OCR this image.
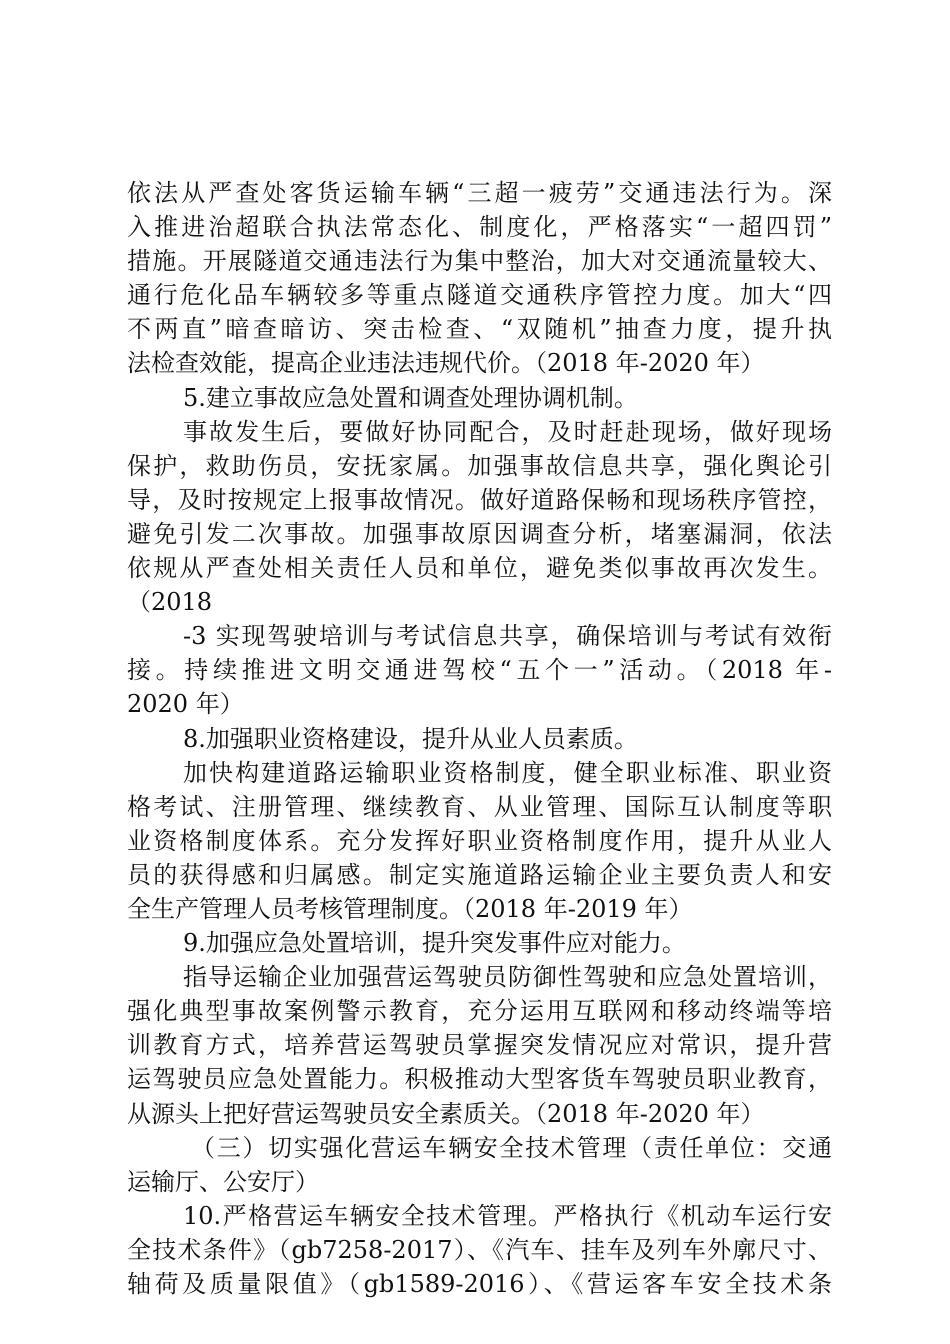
依法从严查处客货运输车辆“三超一疲劳”交通违法行为。深
入推进治超联合执法常态化、制度化，严格落实“一超四罚”
措施。开展隧道交通违法行为集中整治，加大对交通流量较大、
通行危化品车辆较多等重点隧道交通秩序管控力度。加大“四
不两直”暗查暗访、突击检查、“双随机”抽查力度，提升执
法检查效能，提高企业违法违规代价。（2018 年-2020 年）
5.建立事故应急处置和调查处理协调机制。
事故发生后，要做好协同配合，及时赶赴现场，做好现场
保护，救助伤员，安抚家属。加强事故信息共享，强化舆论引
导，及时按规定上报事故情况。做好道路保畅和现场秩序管控，
避免引发二次事故。加强事故原因调查分析，堵塞漏洞，依法
依规从严查处相关责任人员和单位，避免类似事故再次发生。
（2018
-3 实现驾驶培训与考试信息共享，确保培训与考试有效衔
接。持续推进文明交通进驾校“五个一”活动。（2018 年-
2020 年）
8.加强职业资格建设，提升从业人员素质。
加快构建道路运输职业资格制度，健全职业标准、职业资
格考试、注册管理、继续教育、从业管理、国际互认制度等职
业资格制度体系。充分发挥好职业资格制度作用，提升从业人
员的获得感和归属感。制定实施道路运输企业主要负责人和安
全生产管理人员考核管理制度。（2018 年-2019 年）
9.加强应急处置培训，提升突发事件应对能力。
指导运输企业加强营运驾驶员防御性驾驶和应急处置培训，
强化典型事故案例警示教育，充分运用互联网和移动终端等培
训教育方式，培养营运驾驶员掌握突发情况应对常识，提升营
运驾驶员应急处置能力。积极推动大型客货车驾驶员职业教育，
从源头上把好营运驾驶员安全素质关。（2018 年-2020 年）
（三）切实强化营运车辆安全技术管理（责任单位：交通
运输厅、公安厅）
10.严格营运车辆安全技术管理。严格执行《机动车运行安
全技术条件》（gb7258-2017）、《汽车、挂车及列车外廓尺寸、
轴荷及质量限值》（gb1589-2016）、《营运客车安全技术条
